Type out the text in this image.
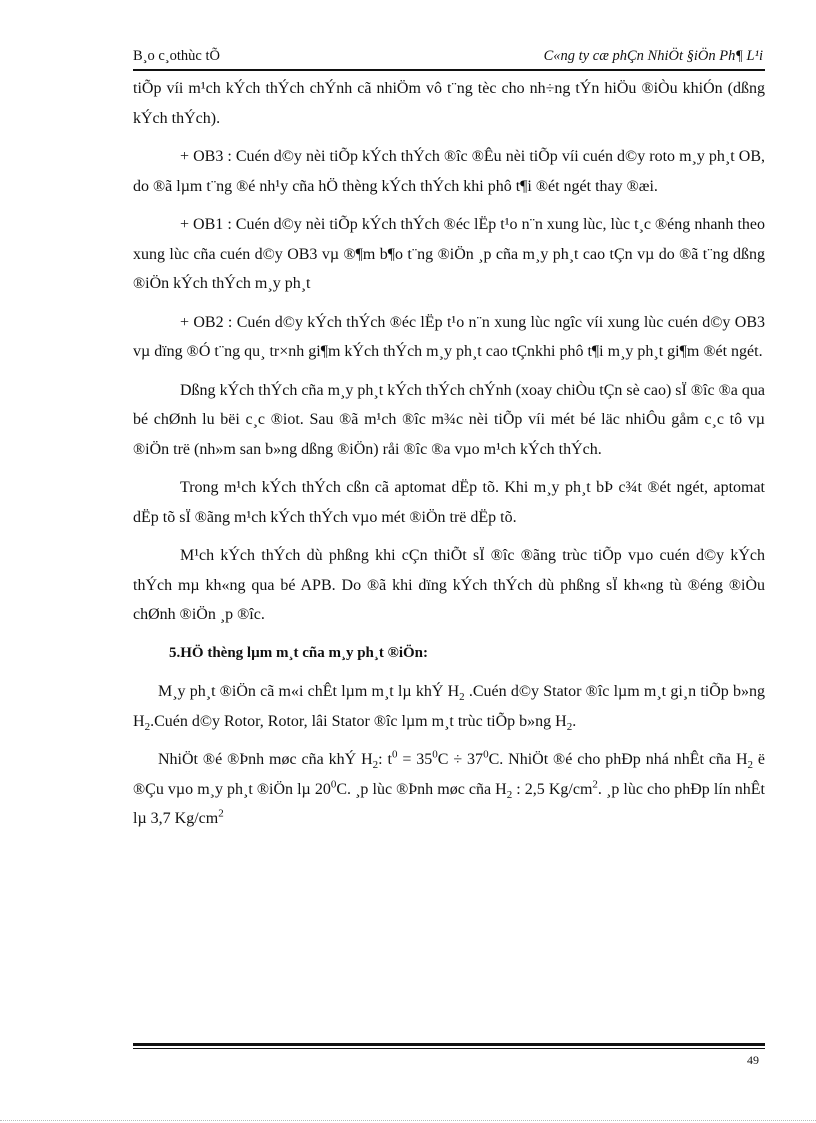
B¸o c¸othùc tÕ	C«ng ty cæ phÇn NhiÖt §iÖn Ph¶ L¹i

tiÕp víi m¹ch kÝch thÝch chÝnh cã nhiÖm vô t¨ng tèc cho nh÷ng tÝn hiÖu ®iÒu khiÓn (dßng kÝch thÝch).

+ OB3 : Cuén d©y nèi tiÕp kÝch thÝch ®îc ®Êu nèi tiÕp víi cuén d©y roto m¸y ph¸t OB, do ®ã lµm t¨ng ®é nh¹y cña hÖ thèng kÝch thÝch khi phô t¶i ®ét ngét thay ®æi.

+ OB1 : Cuén d©y nèi tiÕp kÝch thÝch ®éc lËp t¹o n¨n xung lùc, lùc t¸c ®éng nhanh theo xung lùc cña cuén d©y OB3 vµ ®¶m b¶o t¨ng ®iÖn ¸p cña m¸y ph¸t cao tÇn vµ do ®ã t¨ng dßng ®iÖn kÝch thÝch m¸y ph¸t

+ OB2 : Cuén d©y kÝch thÝch ®éc lËp t¹o n¨n xung lùc ngîc víi xung lùc cuén d©y OB3 vµ dïng ®Ó t¨ng qu¸ tr×nh gi¶m kÝch thÝch m¸y ph¸t cao tÇnkhi phô t¶i m¸y ph¸t gi¶m ®ét ngét.

Dßng kÝch thÝch cña m¸y ph¸t kÝch thÝch chÝnh (xoay chiÒu tÇn sè cao) sÏ ®îc ®a qua bé chØnh lu bëi c¸c ®iot. Sau ®ã m¹ch ®îc m¾c nèi tiÕp víi mét bé läc nhiÔu gåm c¸c tô vµ ®iÖn trë (nh»m san b»ng dßng ®iÖn) råi ®îc ®a vµo m¹ch kÝch thÝch.

Trong m¹ch kÝch thÝch cßn cã aptomat dËp tõ. Khi m¸y ph¸t bÞ c¾t ®ét ngét, aptomat dËp tõ sÏ ®ãng m¹ch kÝch thÝch vµo mét ®iÖn trë dËp tõ.

M¹ch kÝch thÝch dù phßng khi cÇn thiÕt sÏ ®îc ®ãng trùc tiÕp vµo cuén d©y kÝch thÝch mµ kh«ng qua bé APB. Do ®ã khi dïng kÝch thÝch dù phßng sÏ kh«ng tù ®éng ®iÒu chØnh ®iÖn ¸p ®îc.

5.HÖ thèng lµm m¸t cña m¸y ph¸t ®iÖn:

M¸y ph¸t ®iÖn cã m«i chÊt lµm m¸t lµ khÝ $H_2$ .Cuén d©y Stator ®îc lµm m¸t gi¸n tiÕp b»ng $H_2.Cuén$ d©y Rotor, Rotor, lâi Stator ®îc lµm m¸t trùc tiÕp b»ng $H_2$.

NhiÖt ®é ®Þnh møc cña khÝ $H_2$: $t^0 = 35^0C \div 37^0C$. NhiÖt ®é cho phÐp nhá nhÊt cña $H_2$ ë ®Çu vµo m¸y ph¸t ®iÖn lµ $20^0C$. ¸p lùc ®Þnh møc cña $H_2$ : 2,5 $Kg/cm^2$. ¸p lùc cho phÐp lín nhÊt lµ 3,7 $Kg/cm^2$

49
